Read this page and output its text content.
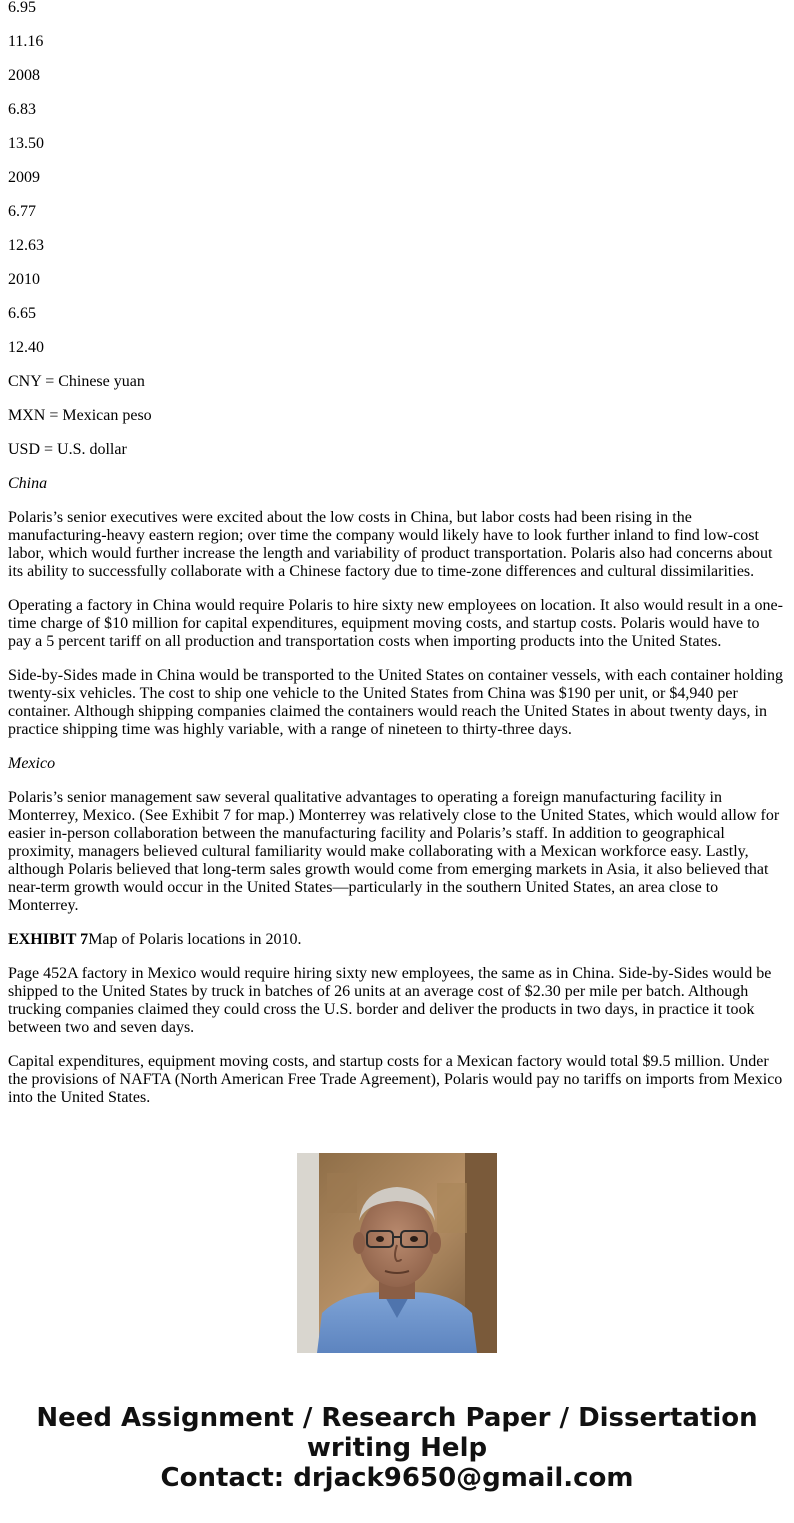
6.95

11.16

2008

6.83

13.50

2009

6.77

12.63

2010

6.65

12.40

CNY = Chinese yuan

MXN = Mexican peso

USD = U.S. dollar

China

Polaris’s senior executives were excited about the low costs in China, but labor costs had been rising in the manufacturing-heavy eastern region; over time the company would likely have to look further inland to find low-cost labor, which would further increase the length and variability of product transportation. Polaris also had concerns about its ability to successfully collaborate with a Chinese factory due to time-zone differences and cultural dissimilarities.

Operating a factory in China would require Polaris to hire sixty new employees on location. It also would result in a one-time charge of $10 million for capital expenditures, equipment moving costs, and startup costs. Polaris would have to pay a 5 percent tariff on all production and transportation costs when importing products into the United States.

Side-by-Sides made in China would be transported to the United States on container vessels, with each container holding twenty-six vehicles. The cost to ship one vehicle to the United States from China was $190 per unit, or $4,940 per container. Although shipping companies claimed the containers would reach the United States in about twenty days, in practice shipping time was highly variable, with a range of nineteen to thirty-three days.

Mexico

Polaris’s senior management saw several qualitative advantages to operating a foreign manufacturing facility in Monterrey, Mexico. (See Exhibit 7 for map.) Monterrey was relatively close to the United States, which would allow for easier in-person collaboration between the manufacturing facility and Polaris’s staff. In addition to geographical proximity, managers believed cultural familiarity would make collaborating with a Mexican workforce easy. Lastly, although Polaris believed that long-term sales growth would come from emerging markets in Asia, it also believed that near-term growth would occur in the United States—particularly in the southern United States, an area close to Monterrey.

EXHIBIT 7Map of Polaris locations in 2010.

Page 452A factory in Mexico would require hiring sixty new employees, the same as in China. Side-by-Sides would be shipped to the United States by truck in batches of 26 units at an average cost of $2.30 per mile per batch. Although trucking companies claimed they could cross the U.S. border and deliver the products in two days, in practice it took between two and seven days.

Capital expenditures, equipment moving costs, and startup costs for a Mexican factory would total $9.5 million. Under the provisions of NAFTA (North American Free Trade Agreement), Polaris would pay no tariffs on imports from Mexico into the United States.

Need Assignment / Research Paper / Dissertation writing Help
Contact: drjack9650@gmail.com
